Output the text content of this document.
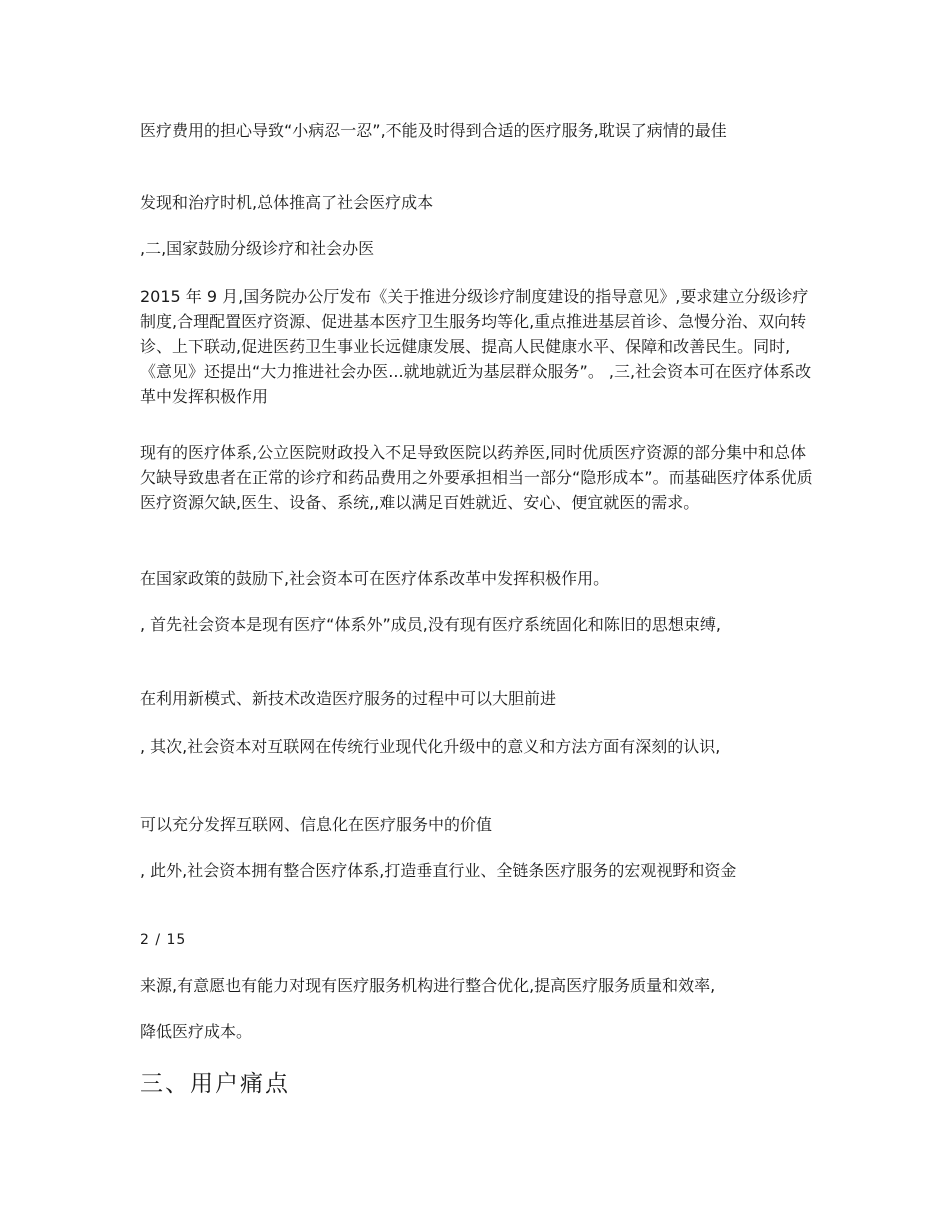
医疗费用的担心导致“小病忍一忍”,不能及时得到合适的医疗服务,耽误了病情的最佳

发现和治疗时机,总体推高了社会医疗成本

,二,国家鼓励分级诊疗和社会办医

2015 年 9 月,国务院办公厅发布《关于推进分级诊疗制度建设的指导意见》,要求建立分级诊疗制度,合理配置医疗资源、促进基本医疗卫生服务均等化,重点推进基层首诊、急慢分治、双向转诊、上下联动,促进医药卫生事业长远健康发展、提高人民健康水平、保障和改善民生。同时,《意见》还提出“大力推进社会办医...就地就近为基层群众服务”。 ,三,社会资本可在医疗体系改革中发挥积极作用

现有的医疗体系,公立医院财政投入不足导致医院以药养医,同时优质医疗资源的部分集中和总体欠缺导致患者在正常的诊疗和药品费用之外要承担相当一部分“隐形成本”。而基础医疗体系优质医疗资源欠缺,医生、设备、系统,,难以满足百姓就近、安心、便宜就医的需求。

在国家政策的鼓励下,社会资本可在医疗体系改革中发挥积极作用。

, 首先社会资本是现有医疗“体系外”成员,没有现有医疗系统固化和陈旧的思想束缚,

在利用新模式、新技术改造医疗服务的过程中可以大胆前进

, 其次,社会资本对互联网在传统行业现代化升级中的意义和方法方面有深刻的认识,

可以充分发挥互联网、信息化在医疗服务中的价值

, 此外,社会资本拥有整合医疗体系,打造垂直行业、全链条医疗服务的宏观视野和资金

2 / 15

来源,有意愿也有能力对现有医疗服务机构进行整合优化,提高医疗服务质量和效率,

降低医疗成本。

三、用户痛点
